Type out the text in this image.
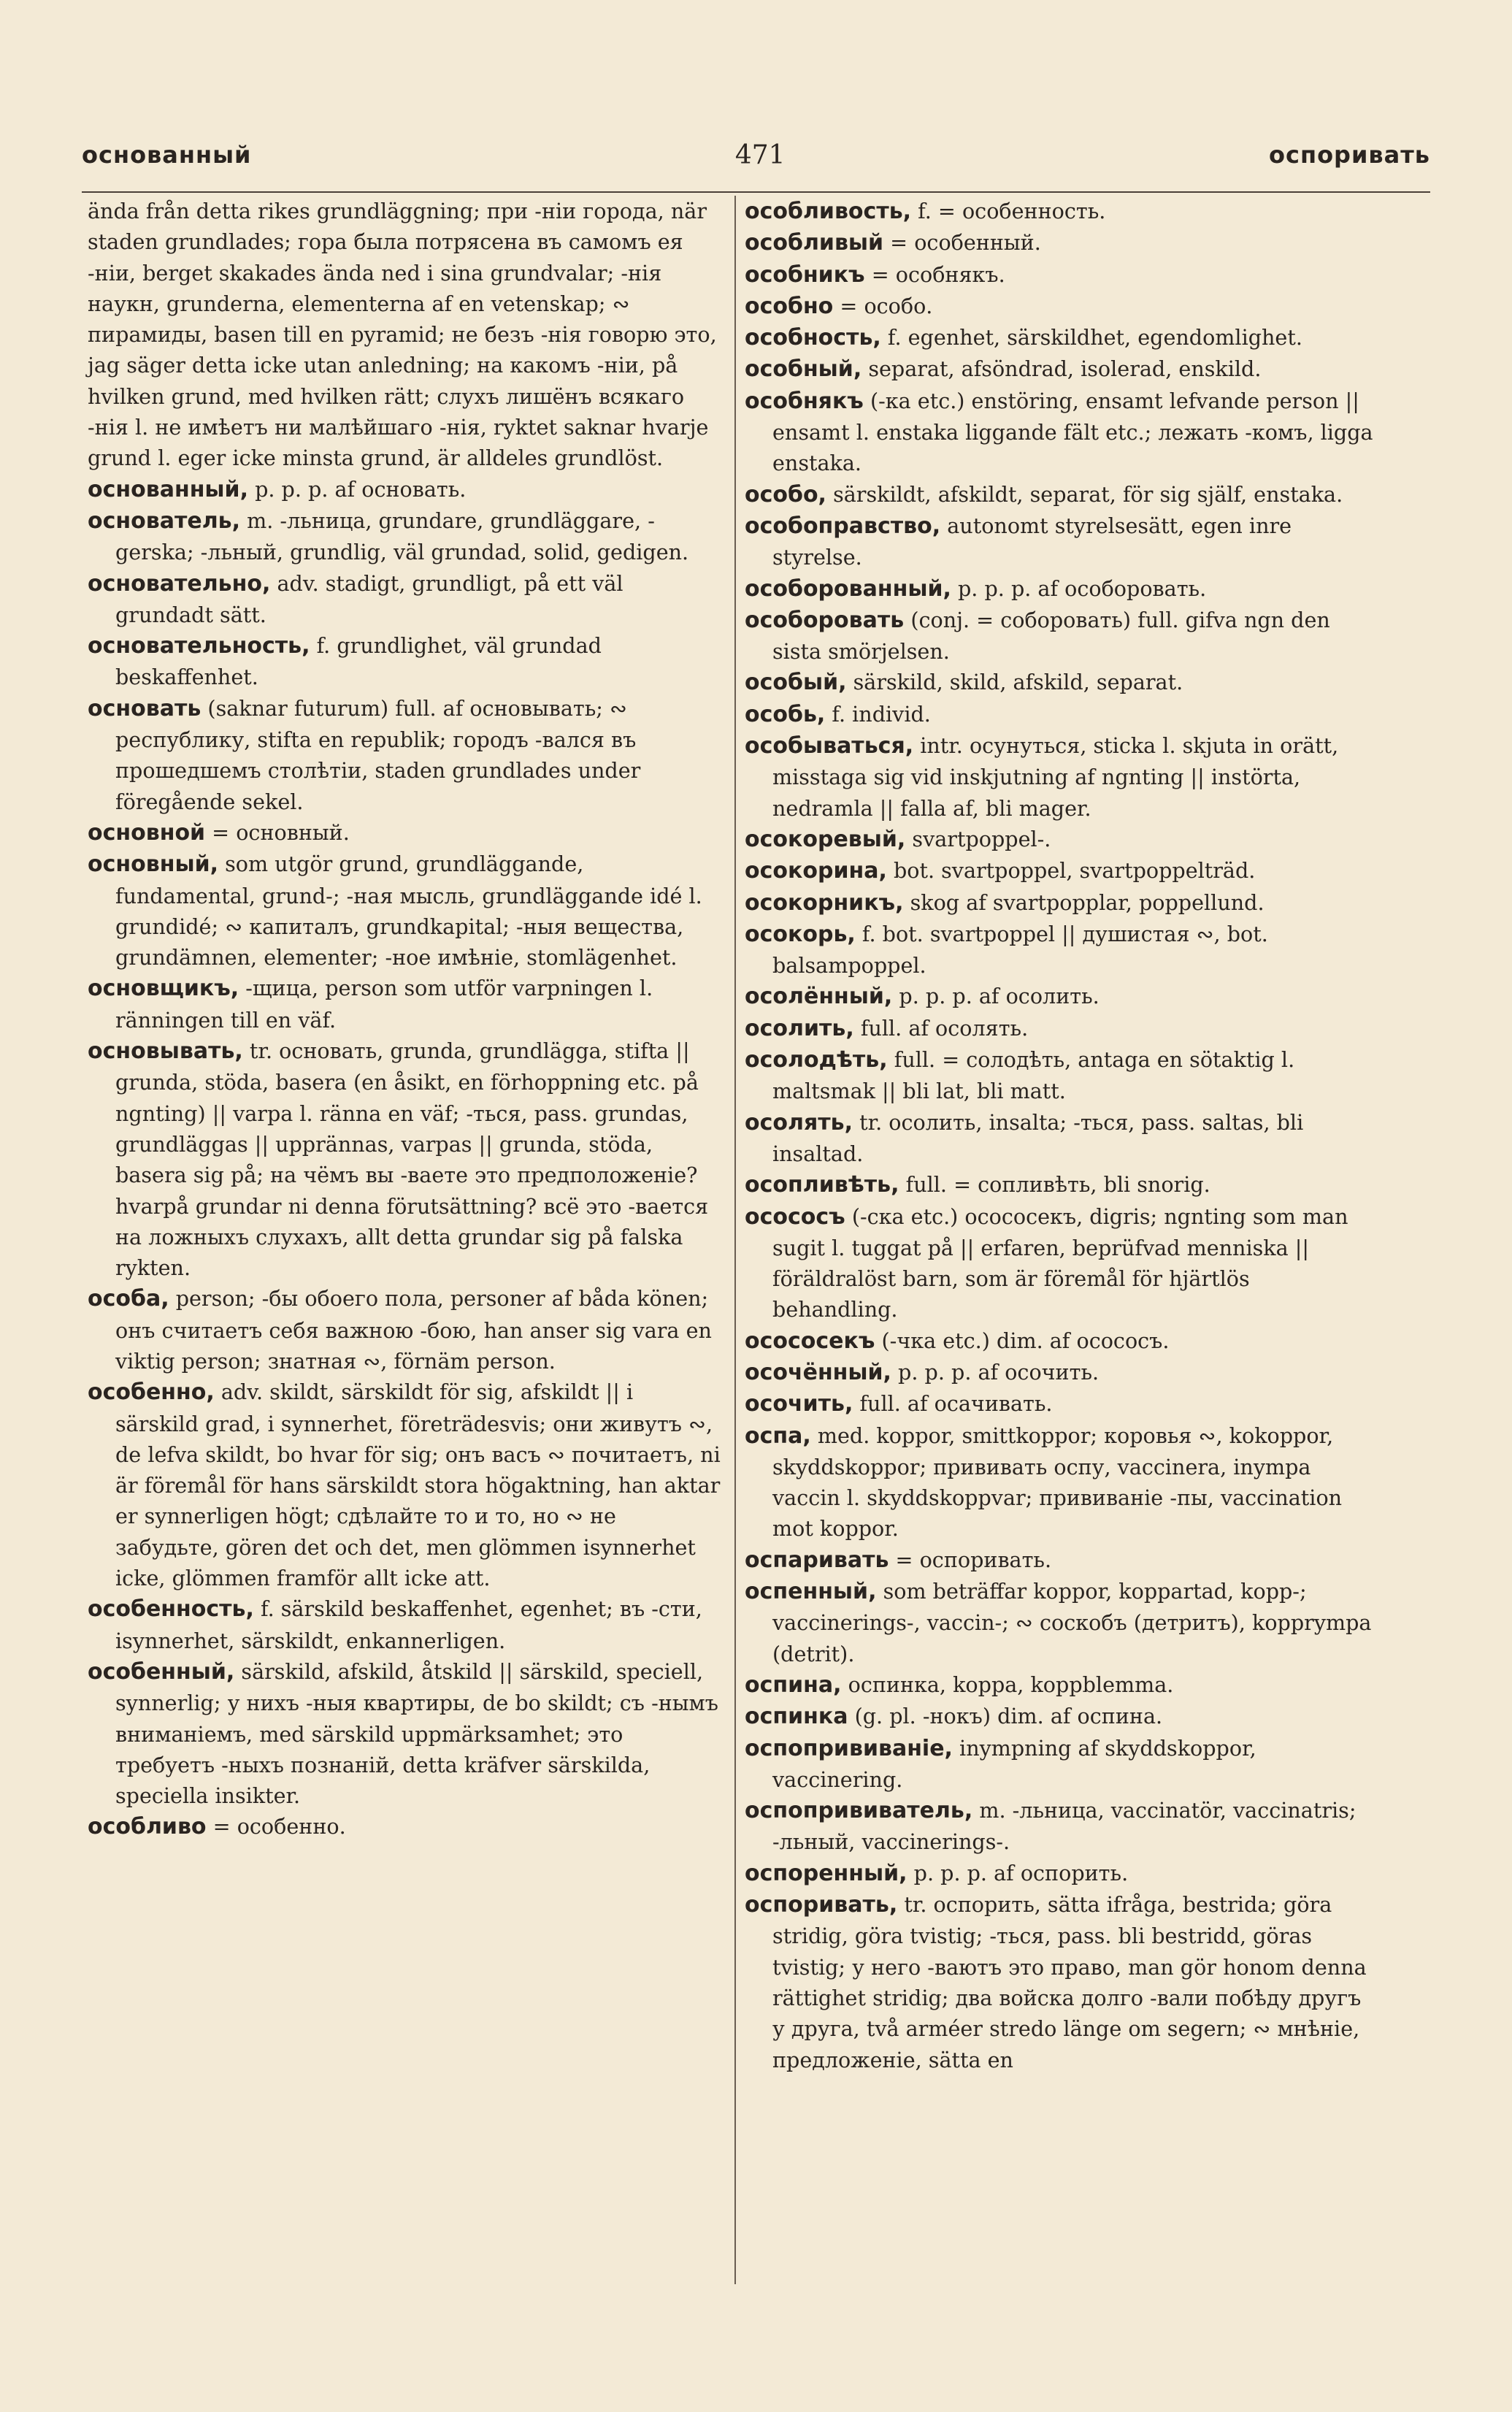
основанный	471	оспоривать

ända från detta rikes grundläggning; при -ніи города, när staden grundlades; гора была потрясена въ самомъ ея -ніи, berget skakades ända ned i sina grundvalar; -нія наукн, grunderna, elementerna af en vetenskap; ∾ пирамиды, basen till en pyramid; не безъ -нія говорю это, jag säger detta icke utan anledning; на какомъ -ніи, på hvilken grund, med hvilken rätt; слухъ лишёнъ всякаго -нія l. не имѣетъ ни малѣйшаго -нія, ryktet saknar hvarje grund l. eger icke minsta grund, är alldeles grundlöst.

основанный, p. p. p. af основать.

основатель, m. -льница, grundare, grundläggare, -gerska; -льный, grundlig, väl grundad, solid, gedigen.

основательно, adv. stadigt, grundligt, på ett väl grundadt sätt.

основательность, f. grundlighet, väl grundad beskaffenhet.

основать (saknar futurum) full. af основывать; ∾ республику, stifta en republik; городъ -вался въ прошедшемъ столѣтіи, staden grundlades under föregående sekel.

основной = основный.

основный, som utgör grund, grundläggande, fundamental, grund-; -ная мысль, grundläggande idé l. grundidé; ∾ капиталъ, grundkapital; -ныя вещества, grundämnen, elementer; -ное имѣніе, stomlägenhet.

основщикъ, -щица, person som utför varpningen l. ränningen till en väf.

основывать, tr. основать, grunda, grundlägga, stifta || grunda, stöda, basera (en åsikt, en förhoppning etc. på ngnting) || varpa l. ränna en väf; -ться, pass. grundas, grundläggas || upprännas, varpas || grunda, stöda, basera sig på; на чёмъ вы -ваете это предположеніе? hvarpå grundar ni denna förutsättning? всё это -вается на ложныхъ слухахъ, allt detta grundar sig på falska rykten.

особа, person; -бы обоего пола, personer af båda könen; онъ считаетъ себя важною -бою, han anser sig vara en viktig person; знатная ∾, förnäm person.

особенно, adv. skildt, särskildt för sig, afskildt || i särskild grad, i synnerhet, företrädesvis; они живутъ ∾, de lefva skildt, bo hvar för sig; онъ васъ ∾ почитаетъ, ni är föremål för hans särskildt stora högaktning, han aktar er synnerligen högt; сдѣлайте то и то, но ∾ не забудьте, gören det och det, men glömmen isynnerhet icke, glömmen framför allt icke att.

особенность, f. särskild beskaffenhet, egenhet; въ -сти, isynnerhet, särskildt, enkannerligen.

особенный, särskild, afskild, åtskild || särskild, speciell, synnerlig; у нихъ -ныя квартиры, de bo skildt; съ -нымъ вниманіемъ, med särskild uppmärksamhet; это требуетъ -ныхъ познаній, detta kräfver särskilda, speciella insikter.

особливо = особенно.

особливость, f. = особенность.

особливый = особенный.

особникъ = особнякъ.

особно = особо.

особность, f. egenhet, särskildhet, egendomlighet.

особный, separat, afsöndrad, isolerad, enskild.

особнякъ (-ка etc.) enstöring, ensamt lefvande person || ensamt l. enstaka liggande fält etc.; лежать -комъ, ligga enstaka.

особо, särskildt, afskildt, separat, för sig själf, enstaka.

особоправство, autonomt styrelsesätt, egen inre styrelse.

особорованный, p. p. p. af особоровать.

особоровать (conj. = соборовать) full. gifva ngn den sista smörjelsen.

особый, särskild, skild, afskild, separat.

особь, f. individ.

особываться, intr. осунуться, sticka l. skjuta in orätt, misstaga sig vid inskjutning af ngnting || instörta, nedramla || falla af, bli mager.

осокоревый, svartpoppel-.

осокорина, bot. svartpoppel, svartpoppelträd.

осокорникъ, skog af svartpopplar, poppellund.

осокорь, f. bot. svartpoppel || душистая ∾, bot. balsampoppel.

осолённый, p. p. p. af осолить.

осолить, full. af осолять.

осолодѣть, full. = солодѣть, antaga en sötaktig l. maltsmak || bli lat, bli matt.

осолять, tr. осолить, insalta; -ться, pass. saltas, bli insaltad.

осопливѣть, full. = сопливѣть, bli snorig.

осососъ (-ска etc.) осососекъ, digris; ngnting som man sugit l. tuggat på || erfaren, beprüfvad menniska || föräldralöst barn, som är föremål för hjärtlös behandling.

осососекъ (-чка etc.) dim. af осососъ.

осочённый, p. p. p. af осочить.

осочить, full. af осачивать.

оспа, med. koppor, smittkoppor; коровья ∾, kokoppor, skyddskoppor; прививать оспу, vaccinera, inympa vaccin l. skyddskoppvar; прививаніе -пы, vaccination mot koppor.

оспаривать = оспоривать.

оспенный, som beträffar koppor, koppartad, kopp-; vaccinerings-, vaccin-; ∾ соскобъ (детритъ), kopprympa (detrit).

оспина, оспинка, koppa, koppblemma.

оспинка (g. pl. -нокъ) dim. af оспина.

оспопрививаніе, inympning af skyddskoppor, vaccinering.

оспопрививатель, m. -льница, vaccinatör, vaccinatris; -льный, vaccinerings-.

оспоренный, p. p. p. af оспорить.

оспоривать, tr. оспорить, sätta ifråga, bestrida; göra stridig, göra tvistig; -ться, pass. bli bestridd, göras tvistig; у него -ваютъ это право, man gör honom denna rättighet stridig; два войска долго -вали побѣду другъ у друга, två arméer stredo länge om segern; ∾ мнѣніе, предложеніе, sätta en
